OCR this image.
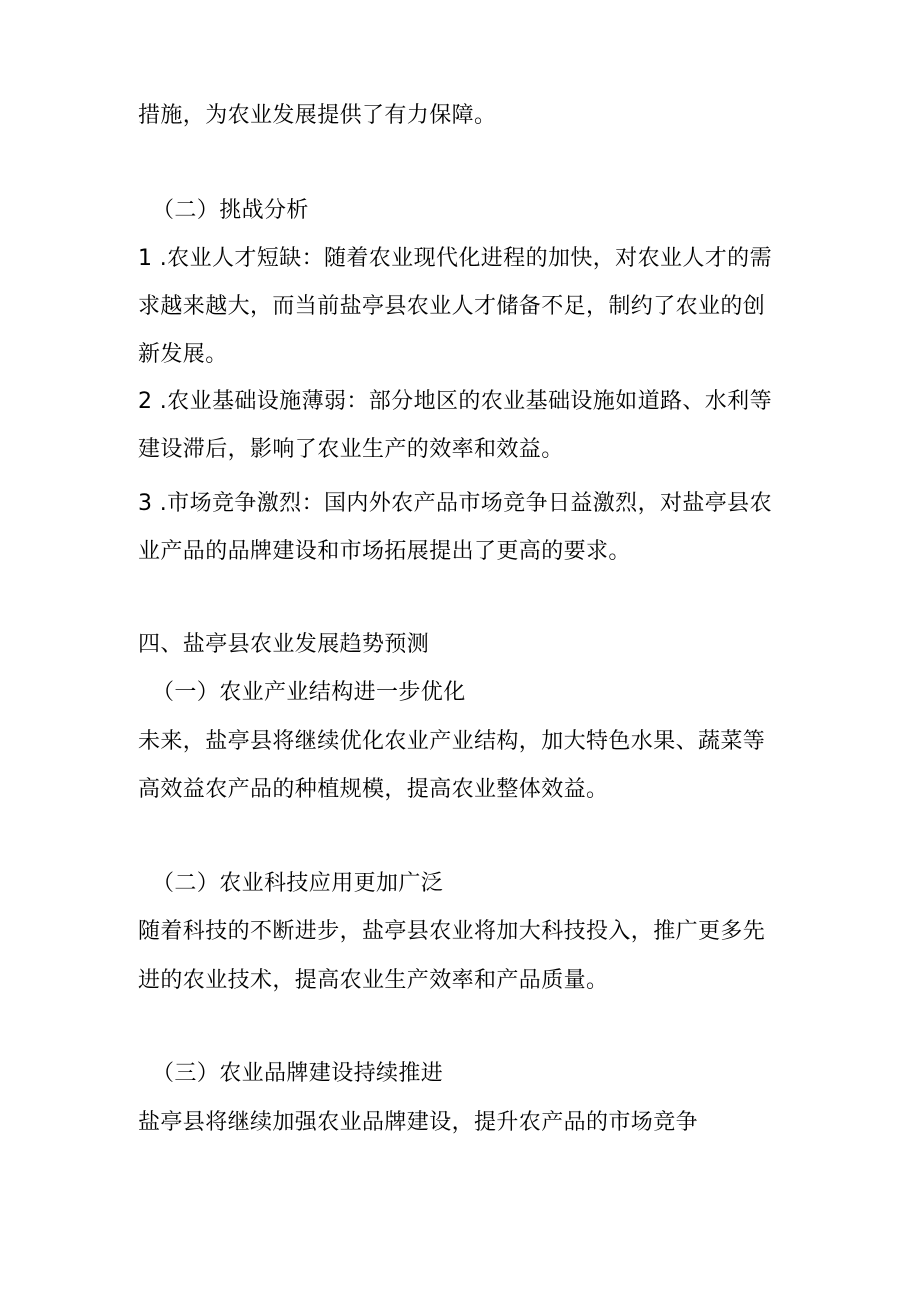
措施，为农业发展提供了有力保障。
（二）挑战分析
1 .农业人才短缺：随着农业现代化进程的加快，对农业人才的需
求越来越大，而当前盐亭县农业人才储备不足，制约了农业的创
新发展。
2 .农业基础设施薄弱：部分地区的农业基础设施如道路、水利等
建设滞后，影响了农业生产的效率和效益。
3 .市场竞争激烈：国内外农产品市场竞争日益激烈，对盐亭县农
业产品的品牌建设和市场拓展提出了更高的要求。
四、盐亭县农业发展趋势预测
（一）农业产业结构进一步优化
未来，盐亭县将继续优化农业产业结构，加大特色水果、蔬菜等
高效益农产品的种植规模，提高农业整体效益。
（二）农业科技应用更加广泛
随着科技的不断进步，盐亭县农业将加大科技投入，推广更多先
进的农业技术，提高农业生产效率和产品质量。
（三）农业品牌建设持续推进
盐亭县将继续加强农业品牌建设，提升农产品的市场竞争
